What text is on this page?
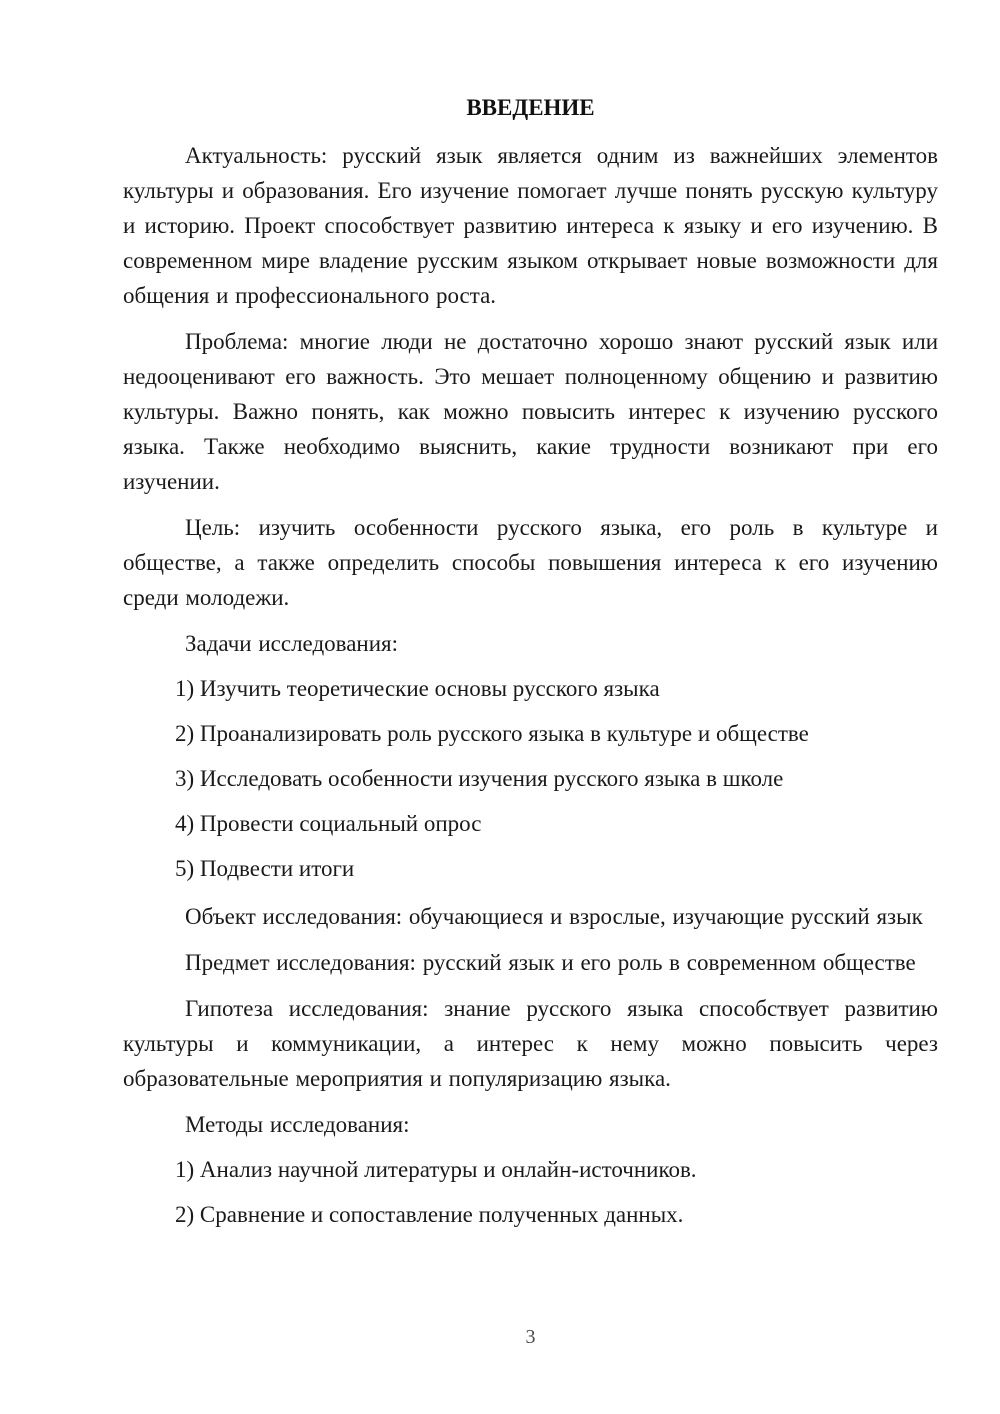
ВВЕДЕНИЕ

Актуальность: русский язык является одним из важнейших элементов культуры и образования. Его изучение помогает лучше понять русскую культуру и историю. Проект способствует развитию интереса к языку и его изучению. В современном мире владение русским языком открывает новые возможности для общения и профессионального роста.

Проблема: многие люди не достаточно хорошо знают русский язык или недооценивают его важность. Это мешает полноценному общению и развитию культуры. Важно понять, как можно повысить интерес к изучению русского языка. Также необходимо выяснить, какие трудности возникают при его изучении.

Цель: изучить особенности русского языка, его роль в культуре и обществе, а также определить способы повышения интереса к его изучению среди молодежи.

Задачи исследования:

1) Изучить теоретические основы русского языка

2) Проанализировать роль русского языка в культуре и обществе

3) Исследовать особенности изучения русского языка в школе

4) Провести социальный опрос

5) Подвести итоги

Объект исследования: обучающиеся и взрослые, изучающие русский язык

Предмет исследования: русский язык и его роль в современном обществе

Гипотеза исследования: знание русского языка способствует развитию культуры и коммуникации, а интерес к нему можно повысить через образовательные мероприятия и популяризацию языка.

Методы исследования:

1) Анализ научной литературы и онлайн-источников.

2) Сравнение и сопоставление полученных данных.

3
